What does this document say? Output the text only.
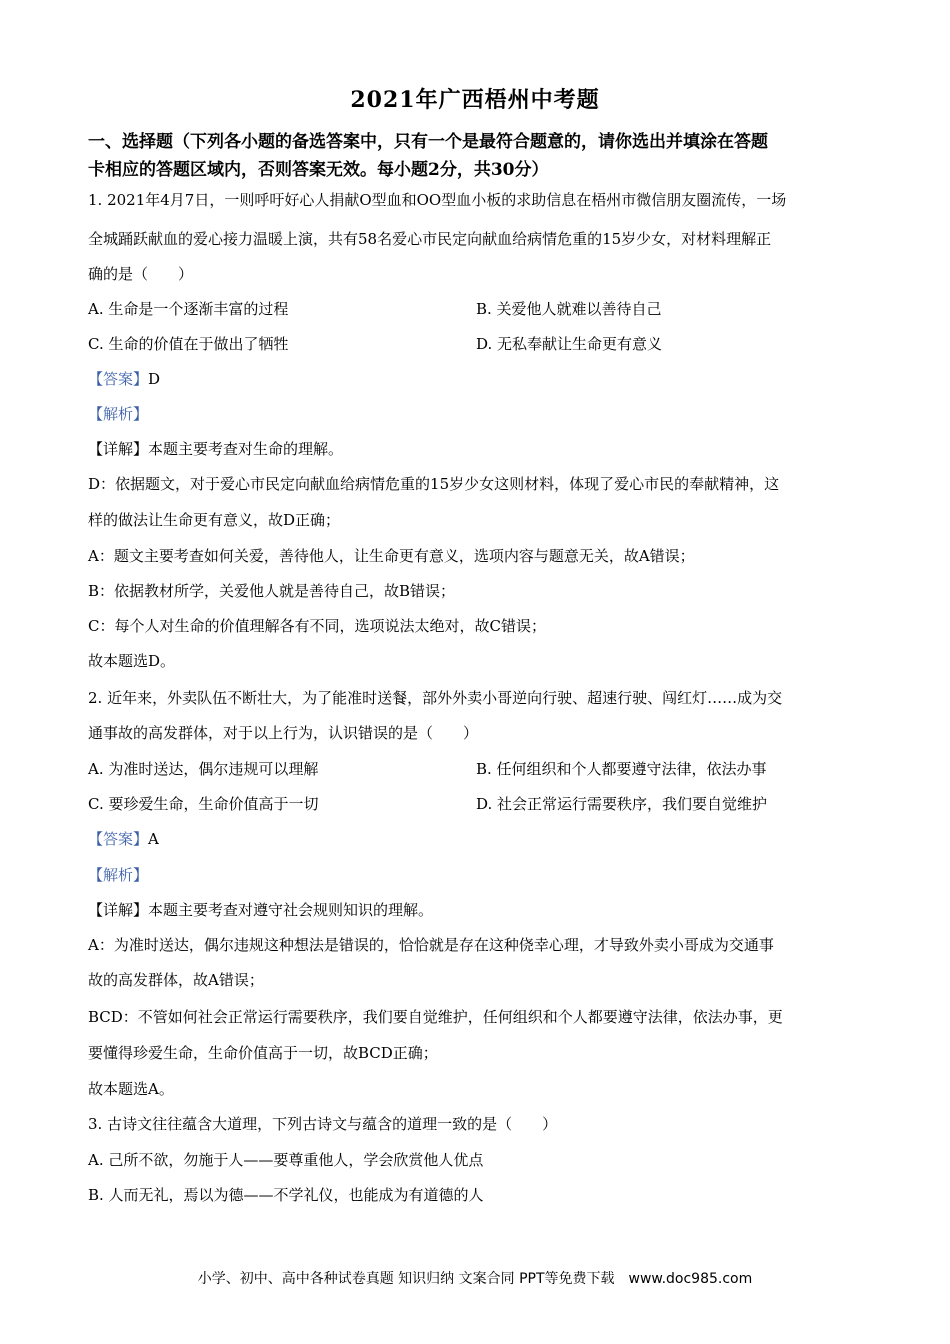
2021年广西梧州中考题
一、选择题（下列各小题的备选答案中，只有一个是最符合题意的，请你选出并填涂在答题
卡相应的答题区域内，否则答案无效。每小题2分，共30分）
1. 2021年4月7日，一则呼吁好心人捐献O型血和OO型血小板的求助信息在梧州市微信朋友圈流传，一场
全城踊跃献血的爱心接力温暖上演，共有58名爱心市民定向献血给病情危重的15岁少女，对材料理解正
确的是（　　）
A. 生命是一个逐渐丰富的过程	B. 关爱他人就难以善待自己
C. 生命的价值在于做出了牺牲	D. 无私奉献让生命更有意义
【答案】D
【解析】
【详解】本题主要考查对生命的理解。
D：依据题文，对于爱心市民定向献血给病情危重的15岁少女这则材料，体现了爱心市民的奉献精神，这
样的做法让生命更有意义，故D正确；
A：题文主要考查如何关爱，善待他人，让生命更有意义，选项内容与题意无关，故A错误；
B：依据教材所学，关爱他人就是善待自己，故B错误；
C：每个人对生命的价值理解各有不同，选项说法太绝对，故C错误；
故本题选D。
2. 近年来，外卖队伍不断壮大，为了能准时送餐，部外外卖小哥逆向行驶、超速行驶、闯红灯……成为交
通事故的高发群体，对于以上行为，认识错误的是（　　）
A. 为准时送达，偶尔违规可以理解	B. 任何组织和个人都要遵守法律，依法办事
C. 要珍爱生命，生命价值高于一切	D. 社会正常运行需要秩序，我们要自觉维护
【答案】A
【解析】
【详解】本题主要考查对遵守社会规则知识的理解。
A：为准时送达，偶尔违规这种想法是错误的，恰恰就是存在这种侥幸心理，才导致外卖小哥成为交通事
故的高发群体，故A错误；
BCD：不管如何社会正常运行需要秩序，我们要自觉维护，任何组织和个人都要遵守法律，依法办事，更
要懂得珍爱生命，生命价值高于一切，故BCD正确；
故本题选A。
3. 古诗文往往蕴含大道理，下列古诗文与蕴含的道理一致的是（　　）
A. 己所不欲，勿施于人——要尊重他人，学会欣赏他人优点
B. 人而无礼，焉以为德——不学礼仪，也能成为有道德的人
小学、初中、高中各种试卷真题 知识归纳 文案合同 PPT等免费下载　www.doc985.com
